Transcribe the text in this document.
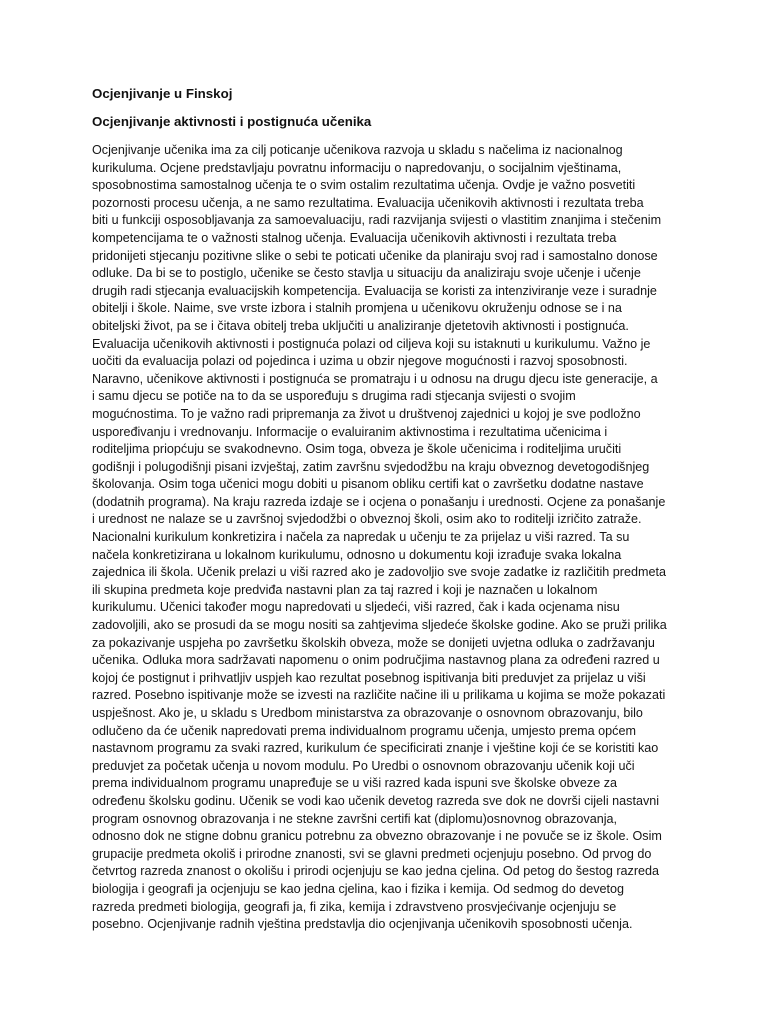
Ocjenjivanje u Finskoj
Ocjenjivanje aktivnosti i postignuća učenika
Ocjenjivanje učenika ima za cilj poticanje učenikova razvoja u skladu s načelima iz nacionalnog
kurikuluma. Ocjene predstavljaju povratnu informaciju o napredovanju, o socijalnim vještinama,
sposobnostima samostalnog učenja te o svim ostalim rezultatima učenja. Ovdje je važno posvetiti
pozornosti procesu učenja, a ne samo rezultatima. Evaluacija učenikovih aktivnosti i rezultata treba
biti u funkciji osposobljavanja za samoevaluaciju, radi razvijanja svijesti o vlastitim znanjima i stečenim
kompetencijama te o važnosti stalnog učenja. Evaluacija učenikovih aktivnosti i rezultata treba
pridonijeti stjecanju pozitivne slike o sebi te poticati učenike da planiraju svoj rad i samostalno donose
odluke. Da bi se to postiglo, učenike se često stavlja u situaciju da analiziraju svoje učenje i učenje
drugih radi stjecanja evaluacijskih kompetencija. Evaluacija se koristi za intenziviranje veze i suradnje
obitelji i škole. Naime, sve vrste izbora i stalnih promjena u učenikovu okruženju odnose se i na
obiteljski život, pa se i čitava obitelj treba uključiti u analiziranje djetetovih aktivnosti i postignuća.
Evaluacija učenikovih aktivnosti i postignuća polazi od ciljeva koji su istaknuti u kurikulumu. Važno je
uočiti da evaluacija polazi od pojedinca i uzima u obzir njegove mogućnosti i razvoj sposobnosti.
Naravno, učenikove aktivnosti i postignuća se promatraju i u odnosu na drugu djecu iste generacije, a
i samu djecu se potiče na to da se uspoređuju s drugima radi stjecanja svijesti o svojim
mogućnostima. To je važno radi pripremanja za život u društvenoj zajednici u kojoj je sve podložno
uspoređivanju i vrednovanju. Informacije o evaluiranim aktivnostima i rezultatima učenicima i
roditeljima priopćuju se svakodnevno. Osim toga, obveza je škole učenicima i roditeljima uručiti
godišnji i polugodišnji pisani izvještaj, zatim završnu svjedodžbu na kraju obveznog devetogodišnjeg
školovanja. Osim toga učenici mogu dobiti u pisanom obliku certifi kat o završetku dodatne nastave
(dodatnih programa). Na kraju razreda izdaje se i ocjena o ponašanju i urednosti. Ocjene za ponašanje
i urednost ne nalaze se u završnoj svjedodžbi o obveznoj školi, osim ako to roditelji izričito zatraže.
Nacionalni kurikulum konkretizira i načela za napredak u učenju te za prijelaz u viši razred. Ta su
načela konkretizirana u lokalnom kurikulumu, odnosno u dokumentu koji izrađuje svaka lokalna
zajednica ili škola. Učenik prelazi u viši razred ako je zadovoljio sve svoje zadatke iz različitih predmeta
ili skupina predmeta koje predviđa nastavni plan za taj razred i koji je naznačen u lokalnom
kurikulumu. Učenici također mogu napredovati u sljedeći, viši razred, čak i kada ocjenama nisu
zadovoljili, ako se prosudi da se mogu nositi sa zahtjevima sljedeće školske godine. Ako se pruži prilika
za pokazivanje uspjeha po završetku školskih obveza, može se donijeti uvjetna odluka o zadržavanju
učenika. Odluka mora sadržavati napomenu o onim područjima nastavnog plana za određeni razred u
kojoj će postignut i prihvatljiv uspjeh kao rezultat posebnog ispitivanja biti preduvjet za prijelaz u viši
razred. Posebno ispitivanje može se izvesti na različite načine ili u prilikama u kojima se može pokazati
uspješnost. Ako je, u skladu s Uredbom ministarstva za obrazovanje o osnovnom obrazovanju, bilo
odlučeno da će učenik napredovati prema individualnom programu učenja, umjesto prema općem
nastavnom programu za svaki razred, kurikulum će specificirati znanje i vještine koji će se koristiti kao
preduvjet za početak učenja u novom modulu. Po Uredbi o osnovnom obrazovanju učenik koji uči
prema individualnom programu unapređuje se u viši razred kada ispuni sve školske obveze za
određenu školsku godinu. Učenik se vodi kao učenik devetog razreda sve dok ne dovrši cijeli nastavni
program osnovnog obrazovanja i ne stekne završni certifi kat (diplomu)osnovnog obrazovanja,
odnosno dok ne stigne dobnu granicu potrebnu za obvezno obrazovanje i ne povuče se iz škole. Osim
grupacije predmeta okoliš i prirodne znanosti, svi se glavni predmeti ocjenjuju posebno. Od prvog do
četvrtog razreda znanost o okolišu i prirodi ocjenjuju se kao jedna cjelina. Od petog do šestog razreda
biologija i geografi ja ocjenjuju se kao jedna cjelina, kao i fizika i kemija. Od sedmog do devetog
razreda predmeti biologija, geografi ja, fi zika, kemija i zdravstveno prosvjećivanje ocjenjuju se
posebno. Ocjenjivanje radnih vještina predstavlja dio ocjenjivanja učenikovih sposobnosti učenja.
